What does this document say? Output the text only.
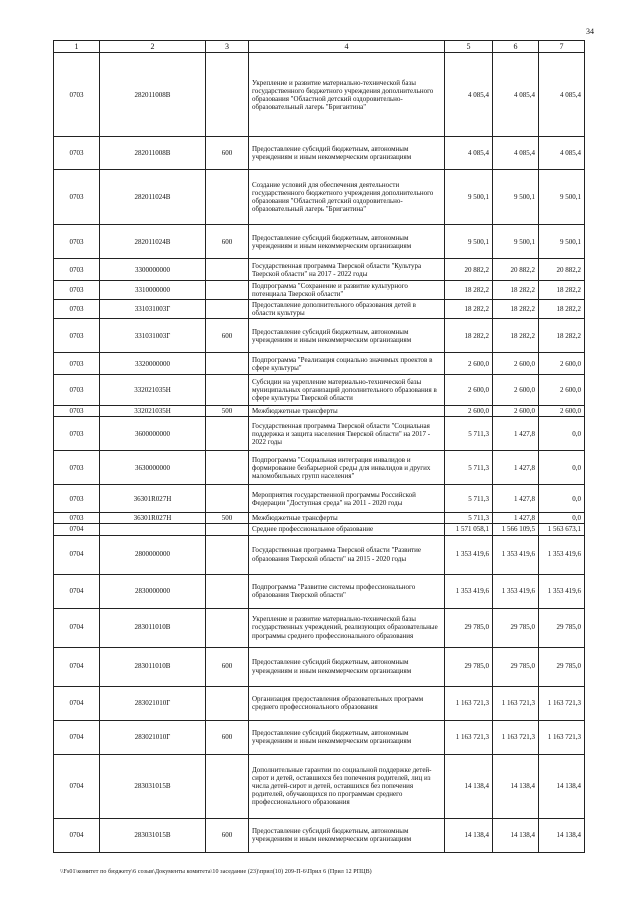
34
1	2	3	4	5	6	7
0703	282011008В		Укрепление и развитие материально-технической базы государственного бюджетного учреждения дополнительного образования "Областной детский оздоровительно-образовательный лагерь "Бригантина"	4 085,4	4 085,4	4 085,4
0703	282011008В	600	Предоставление субсидий бюджетным, автономным учреждениям и иным некоммерческим организациям	4 085,4	4 085,4	4 085,4
0703	282011024В		Создание условий для обеспечения деятельности государственного бюджетного учреждения дополнительного образования "Областной детский оздоровительно-образовательный лагерь "Бригантина"	9 500,1	9 500,1	9 500,1
0703	282011024В	600	Предоставление субсидий бюджетным, автономным учреждениям и иным некоммерческим организациям	9 500,1	9 500,1	9 500,1
0703	3300000000		Государственная программа Тверской области "Культура Тверской области" на 2017 - 2022 годы	20 882,2	20 882,2	20 882,2
0703	3310000000		Подпрограмма "Сохранение и развитие культурного потенциала Тверской области"	18 282,2	18 282,2	18 282,2
0703	331031003Г		Предоставление дополнительного образования детей в области культуры	18 282,2	18 282,2	18 282,2
0703	331031003Г	600	Предоставление субсидий бюджетным, автономным учреждениям и иным некоммерческим организациям	18 282,2	18 282,2	18 282,2
0703	3320000000		Подпрограмма "Реализация социально значимых проектов в сфере культуры"	2 600,0	2 600,0	2 600,0
0703	332021035Н		Субсидии на укрепление материально-технической базы муниципальных организаций дополнительного образования в сфере культуры Тверской области	2 600,0	2 600,0	2 600,0
0703	332021035Н	500	Межбюджетные трансферты	2 600,0	2 600,0	2 600,0
0703	3600000000		Государственная программа Тверской области "Социальная поддержка и защита населения Тверской области" на 2017 - 2022 годы	5 711,3	1 427,8	0,0
0703	3630000000		Подпрограмма "Социальная интеграция инвалидов и формирование безбарьерной среды для инвалидов и других маломобильных групп населения"	5 711,3	1 427,8	0,0
0703	36301R027Н		Мероприятия государственной программы Российской Федерации "Доступная среда" на 2011 - 2020 годы	5 711,3	1 427,8	0,0
0703	36301R027Н	500	Межбюджетные трансферты	5 711,3	1 427,8	0,0
0704			Среднее профессиональное образование	1 571 058,1	1 566 109,5	1 563 673,1
0704	2800000000		Государственная программа Тверской области "Развитие образования Тверской области" на 2015 - 2020 годы	1 353 419,6	1 353 419,6	1 353 419,6
0704	2830000000		Подпрограмма "Развитие системы профессионального образования Тверской области"	1 353 419,6	1 353 419,6	1 353 419,6
0704	283011010В		Укрепление и развитие материально-технической базы государственных учреждений, реализующих образовательные программы среднего профессионального образования	29 785,0	29 785,0	29 785,0
0704	283011010В	600	Предоставление субсидий бюджетным, автономным учреждениям и иным некоммерческим организациям	29 785,0	29 785,0	29 785,0
0704	283021010Г		Организация предоставления образовательных программ среднего профессионального образования	1 163 721,3	1 163 721,3	1 163 721,3
0704	283021010Г	600	Предоставление субсидий бюджетным, автономным учреждениям и иным некоммерческим организациям	1 163 721,3	1 163 721,3	1 163 721,3
0704	283031015В		Дополнительные гарантии по социальной поддержке детей-сирот и детей, оставшихся без попечения родителей, лиц из числа детей-сирот и детей, оставшихся без попечения родителей, обучающихся по программам среднего профессионального образования	14 138,4	14 138,4	14 138,4
0704	283031015В	600	Предоставление субсидий бюджетным, автономным учреждениям и иным некоммерческим организациям	14 138,4	14 138,4	14 138,4
\\Fs01\комитет по бюджету\6 созыв\Документы комитета\10 заседание (23)\прил(10) 209-П-6\Прил 6 (Прил 12 РПЦВ)
